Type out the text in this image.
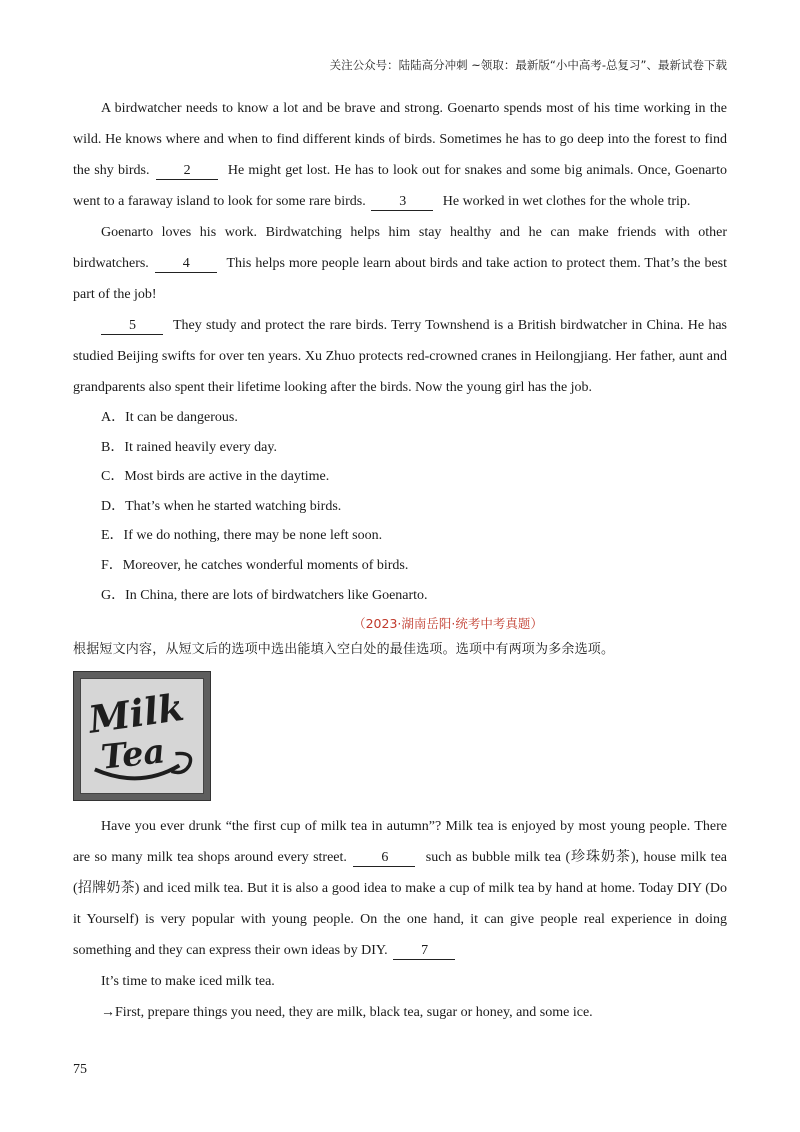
关注公众号：陆陆高分冲刺 ~领取：最新版“小中高考-总复习”、最新试卷下载

A birdwatcher needs to know a lot and be brave and strong. Goenarto spends most of his time working in the wild. He knows where and when to find different kinds of birds. Sometimes he has to go deep into the forest to find the shy birds. 2 He might get lost. He has to look out for snakes and some big animals. Once, Goenarto went to a faraway island to look for some rare birds. 3 He worked in wet clothes for the whole trip.

Goenarto loves his work. Birdwatching helps him stay healthy and he can make friends with other birdwatchers. 4 This helps more people learn about birds and take action to protect them. That’s the best part of the job!

5 They study and protect the rare birds. Terry Townshend is a British birdwatcher in China. He has studied Beijing swifts for over ten years. Xu Zhuo protects red-crowned cranes in Heilongjiang. Her father, aunt and grandparents also spent their lifetime looking after the birds. Now the young girl has the job.

A．It can be dangerous.

B．It rained heavily every day.

C．Most birds are active in the daytime.

D．That’s when he started watching birds.

E．If we do nothing, there may be none left soon.

F．Moreover, he catches wonderful moments of birds.

G．In China, there are lots of birdwatchers like Goenarto.

（2023·湖南岳阳·统考中考真题）

根据短文内容，从短文后的选项中选出能填入空白处的最佳选项。选项中有两项为多余选项。

Milk
Tea

Have you ever drunk “the first cup of milk tea in autumn”? Milk tea is enjoyed by most young people. There are so many milk tea shops around every street. 6 such as bubble milk tea (珍珠奶茶), house milk tea (招牌奶茶) and iced milk tea. But it is also a good idea to make a cup of milk tea by hand at home. Today DIY (Do it Yourself) is very popular with young people. On the one hand, it can give people real experience in doing something and they can express their own ideas by DIY. 7

It’s time to make iced milk tea.

→First, prepare things you need, they are milk, black tea, sugar or honey, and some ice.

75
